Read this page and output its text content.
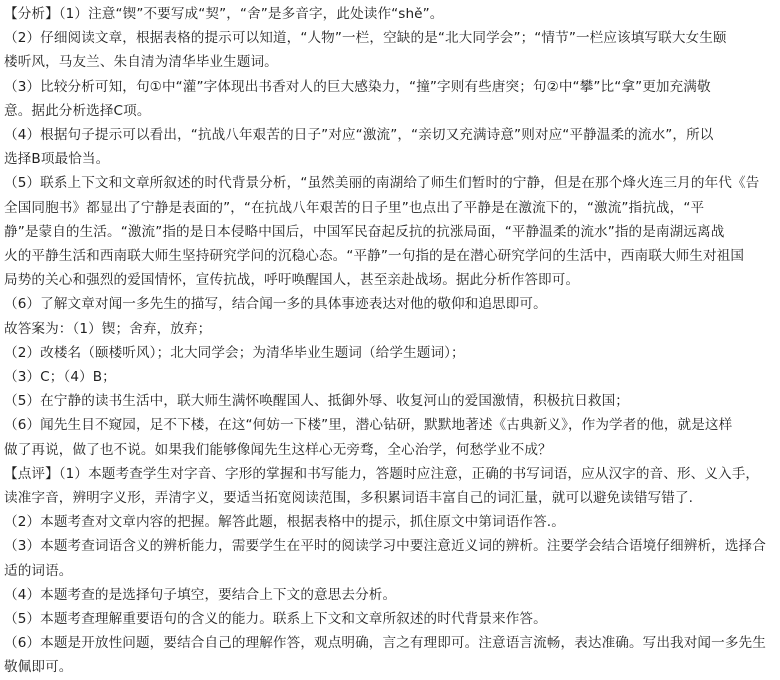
【分析】（1）注意“锲”不要写成“契”，“舍”是多音字，此处读作“shě”。
（2）仔细阅读文章，根据表格的提示可以知道，“人物”一栏，空缺的是“北大同学会”；“情节”一栏应该填写联大女生颐
楼听风，马友兰、朱自清为清华毕业生题词。
（3）比较分析可知，句①中“灌”字体现出书香对人的巨大感染力，“撞”字则有些唐突；句②中“攀”比“拿”更加充满敬
意。据此分析选择C项。
（4）根据句子提示可以看出，“抗战八年艰苦的日子”对应“激流”，“亲切又充满诗意”则对应“平静温柔的流水”，所以
选择B项最恰当。
（5）联系上下文和文章所叙述的时代背景分析，“虽然美丽的南湖给了师生们暂时的宁静，但是在那个烽火连三月的年代《告
全国同胞书》都显出了宁静是表面的”，“在抗战八年艰苦的日子里”也点出了平静是在激流下的，“激流”指抗战，“平
静”是蒙自的生活。“激流”指的是日本侵略中国后，中国军民奋起反抗的抗涨局面，“平静温柔的流水”指的是南湖远离战
火的平静生活和西南联大师生坚持研究学问的沉稳心态。“平静”一句指的是在潜心研究学问的生活中，西南联大师生对祖国
局势的关心和强烈的爱国情怀，宣传抗战，呼吁唤醒国人，甚至亲赴战场。据此分析作答即可。
（6）了解文章对闻一多先生的描写，结合闻一多的具体事迹表达对他的敬仰和追思即可。
故答案为：（1）锲；舍弃，放弃；
（2）改楼名（颐楼听风）；北大同学会；为清华毕业生题词（给学生题词）；
（3）C；（4）B；
（5）在宁静的读书生活中，联大师生满怀唤醒国人、抵御外辱、收复河山的爱国激情，积极抗日救国；
（6）闻先生目不窥园，足不下楼，在这“何妨一下楼”里，潜心钻研，默默地著述《古典新义》，作为学者的他，就是这样
做了再说，做了也不说。如果我们能够像闻先生这样心无旁骛，全心治学，何愁学业不成？
【点评】（1）本题考查学生对字音、字形的掌握和书写能力，答题时应注意，正确的书写词语，应从汉字的音、形、义入手，
读准字音，辨明字义形，弄清字义，要适当拓宽阅读范围，多积累词语丰富自己的词汇量，就可以避免读错写错了.
（2）本题考查对文章内容的把握。解答此题，根据表格中的提示，抓住原文中第词语作答.。
（3）本题考查词语含义的辨析能力，需要学生在平时的阅读学习中要注意近义词的辨析。注要学会结合语境仔细辨析，选择合
适的词语。
（4）本题考查的是选择句子填空，要结合上下文的意思去分析。
（5）本题考查理解重要语句的含义的能力。联系上下文和文章所叙述的时代背景来作答。
（6）本题是开放性问题，要结合自己的理解作答，观点明确，言之有理即可。注意语言流畅，表达准确。写出我对闻一多先生
敬佩即可。
